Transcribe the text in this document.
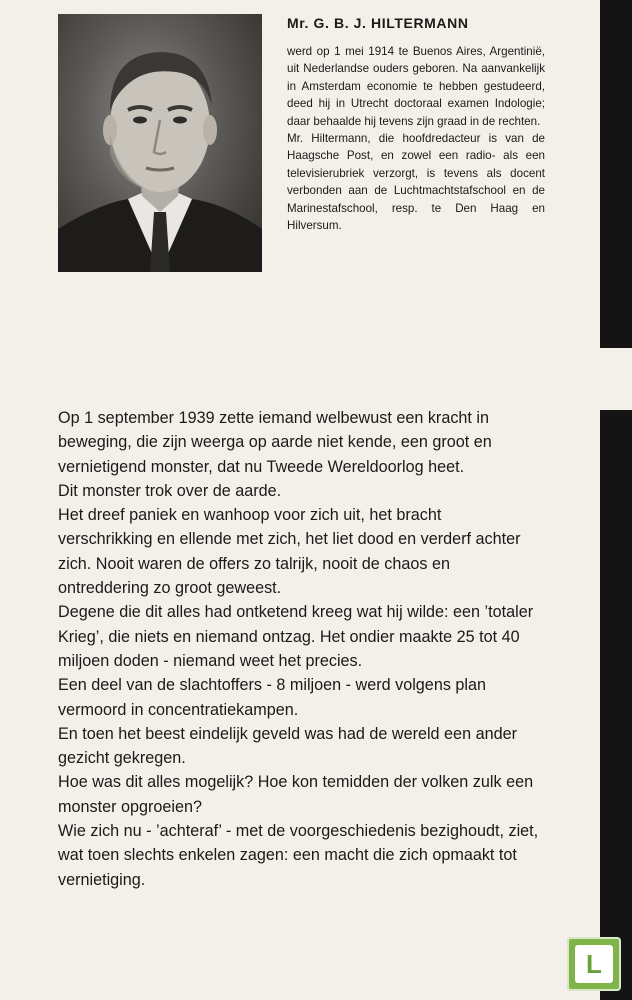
Mr. G. B. J. HILTERMANN

werd op 1 mei 1914 te Buenos Aires, Argentinië, uit Nederlandse ouders geboren. Na aanvankelijk in Amsterdam economie te hebben gestudeerd, deed hij in Utrecht doctoraal examen Indologie; daar behaalde hij tevens zijn graad in de rechten.

Mr. Hiltermann, die hoofdredacteur is van de Haagsche Post, en zowel een radio- als een televisierubriek verzorgt, is tevens als docent verbonden aan de Luchtmachtstafschool en de Marinestafschool, resp. te Den Haag en Hilversum.

Op 1 september 1939 zette iemand welbewust een kracht in beweging, die zijn weerga op aarde niet kende, een groot en vernietigend monster, dat nu Tweede Wereldoorlog heet.

Dit monster trok over de aarde.

Het dreef paniek en wanhoop voor zich uit, het bracht verschrikking en ellende met zich, het liet dood en verderf achter zich. Nooit waren de offers zo talrijk, nooit de chaos en ontreddering zo groot geweest.

Degene die dit alles had ontketend kreeg wat hij wilde: een ’totaler Krieg’, die niets en niemand ontzag. Het ondier maakte 25 tot 40 miljoen doden - niemand weet het precies.

Een deel van de slachtoffers - 8 miljoen - werd volgens plan vermoord in concentratiekampen.

En toen het beest eindelijk geveld was had de wereld een ander gezicht gekregen.

Hoe was dit alles mogelijk? Hoe kon temidden der volken zulk een monster opgroeien?

Wie zich nu - ’achteraf’ - met de voorgeschiedenis bezighoudt, ziet, wat toen slechts enkelen zagen: een macht die zich opmaakt tot vernietiging.

L
